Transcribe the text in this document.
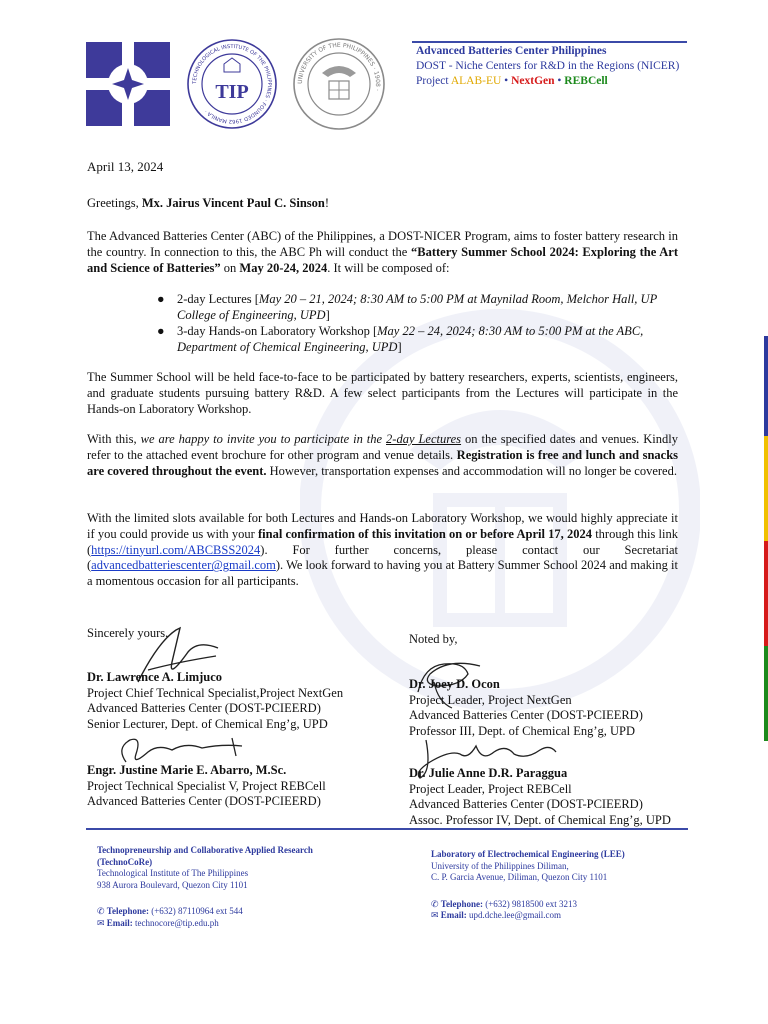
TECHNOLOGICAL INSTITUTE OF THE PHILIPPINES · FOUNDED 1962 MANILA ·
TIP	UNIVERSITY OF THE PHILIPPINES · 1908 ·
Advanced Batteries Center Philippines
DOST - Niche Centers for R&D in the Regions (NICER)
Project ALAB-EU • NextGen • REBCell
April 13, 2024
Greetings, Mx. Jairus Vincent Paul C. Sinson!

The Advanced Batteries Center (ABC) of the Philippines, a DOST-NICER Program, aims to foster battery research in the country. In connection to this, the ABC Ph will conduct the “Battery Summer School 2024: Exploring the Art and Science of Batteries” on May 20-24, 2024. It will be composed of:

● 2-day Lectures [May 20 – 21, 2024; 8:30 AM to 5:00 PM at Maynilad Room, Melchor Hall, UP College of Engineering, UPD]
● 3-day Hands-on Laboratory Workshop [May 22 – 24, 2024; 8:30 AM to 5:00 PM at the ABC, Department of Chemical Engineering, UPD]

The Summer School will be held face-to-face to be participated by battery researchers, experts, scientists, engineers, and graduate students pursuing battery R&D. A few select participants from the Lectures will participate in the Hands-on Laboratory Workshop.

With this, we are happy to invite you to participate in the 2-day Lectures on the specified dates and venues. Kindly refer to the attached event brochure for other program and venue details. Registration is free and lunch and snacks are covered throughout the event. However, transportation expenses and accommodation will no longer be covered.

With the limited slots available for both Lectures and Hands-on Laboratory Workshop, we would highly appreciate it if you could provide us with your final confirmation of this invitation on or before April 17, 2024 through this link (https://tinyurl.com/ABCBSS2024). For further concerns, please contact our Secretariat (advancedbatteriescenter@gmail.com). We look forward to having you at Battery Summer School 2024 and making it a momentous occasion for all participants.

Sincerely yours,	Noted by,
Dr. Lawrence A. Limjuco
Project Chief Technical Specialist,Project NextGen
Advanced Batteries Center (DOST-PCIEERD)
Senior Lecturer, Dept. of Chemical Eng’g, UPD
Engr. Justine Marie E. Abarro, M.Sc.
Project Technical Specialist V, Project REBCell
Advanced Batteries Center (DOST-PCIEERD)
Dr. Joey D. Ocon
Project Leader, Project NextGen
Advanced Batteries Center (DOST-PCIEERD)
Professor III, Dept. of Chemical Eng’g, UPD
Dr. Julie Anne D.R. Paraggua
Project Leader, Project REBCell
Advanced Batteries Center (DOST-PCIEERD)
Assoc. Professor IV, Dept. of Chemical Eng’g, UPD
Technopreneurship and Collaborative Applied Research
(TechnoCoRe)
Technological Institute of The Philippines
938 Aurora Boulevard, Quezon City 1101
✆ Telephone: (+632) 87110964 ext 544
✉ Email: technocore@tip.edu.ph
Laboratory of Electrochemical Engineering (LEE)
University of the Philippines Diliman,
C. P. Garcia Avenue, Diliman, Quezon City 1101
✆ Telephone: (+632) 9818500 ext 3213
✉ Email: upd.dche.lee@gmail.com
